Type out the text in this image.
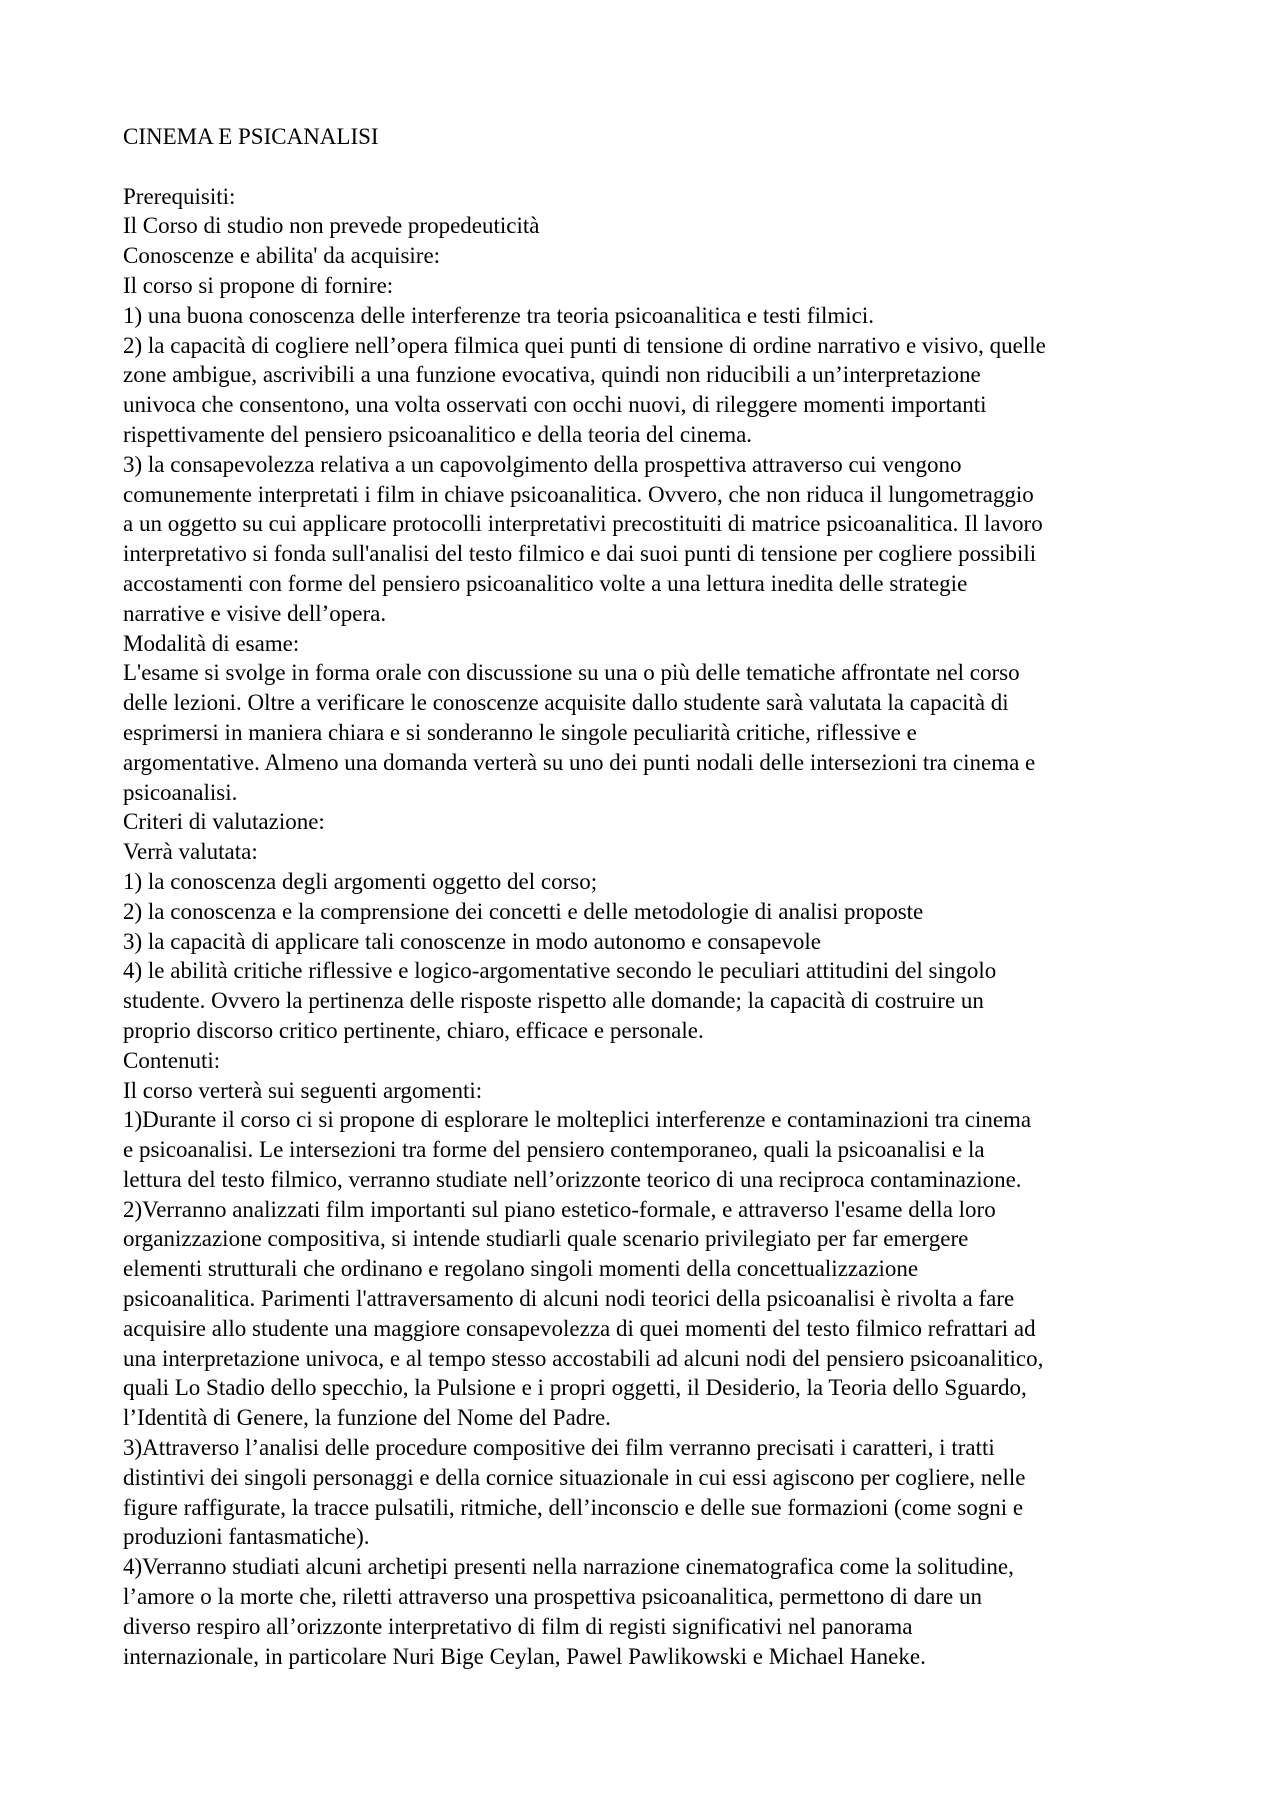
CINEMA E PSICANALISI
Prerequisiti:
Il Corso di studio non prevede propedeuticità
Conoscenze e abilita' da acquisire:
Il corso si propone di fornire:
1) una buona conoscenza delle interferenze tra teoria psicoanalitica e testi filmici.
2) la capacità di cogliere nell’opera filmica quei punti di tensione di ordine narrativo e visivo, quelle
zone ambigue, ascrivibili a una funzione evocativa, quindi non riducibili a un’interpretazione
univoca che consentono, una volta osservati con occhi nuovi, di rileggere momenti importanti
rispettivamente del pensiero psicoanalitico e della teoria del cinema.
3) la consapevolezza relativa a un capovolgimento della prospettiva attraverso cui vengono
comunemente interpretati i film in chiave psicoanalitica. Ovvero, che non riduca il lungometraggio
a un oggetto su cui applicare protocolli interpretativi precostituiti di matrice psicoanalitica. Il lavoro
interpretativo si fonda sull'analisi del testo filmico e dai suoi punti di tensione per cogliere possibili
accostamenti con forme del pensiero psicoanalitico volte a una lettura inedita delle strategie
narrative e visive dell’opera.
Modalità di esame:
L'esame si svolge in forma orale con discussione su una o più delle tematiche affrontate nel corso
delle lezioni. Oltre a verificare le conoscenze acquisite dallo studente sarà valutata la capacità di
esprimersi in maniera chiara e si sonderanno le singole peculiarità critiche, riflessive e
argomentative. Almeno una domanda verterà su uno dei punti nodali delle intersezioni tra cinema e
psicoanalisi.
Criteri di valutazione:
Verrà valutata:
1) la conoscenza degli argomenti oggetto del corso;
2) la conoscenza e la comprensione dei concetti e delle metodologie di analisi proposte
3) la capacità di applicare tali conoscenze in modo autonomo e consapevole
4) le abilità critiche riflessive e logico-argomentative secondo le peculiari attitudini del singolo
studente. Ovvero la pertinenza delle risposte rispetto alle domande; la capacità di costruire un
proprio discorso critico pertinente, chiaro, efficace e personale.
Contenuti:
Il corso verterà sui seguenti argomenti:
1)Durante il corso ci si propone di esplorare le molteplici interferenze e contaminazioni tra cinema
e psicoanalisi. Le intersezioni tra forme del pensiero contemporaneo, quali la psicoanalisi e la
lettura del testo filmico, verranno studiate nell’orizzonte teorico di una reciproca contaminazione.
2)Verranno analizzati film importanti sul piano estetico-formale, e attraverso l'esame della loro
organizzazione compositiva, si intende studiarli quale scenario privilegiato per far emergere
elementi strutturali che ordinano e regolano singoli momenti della concettualizzazione
psicoanalitica. Parimenti l'attraversamento di alcuni nodi teorici della psicoanalisi è rivolta a fare
acquisire allo studente una maggiore consapevolezza di quei momenti del testo filmico refrattari ad
una interpretazione univoca, e al tempo stesso accostabili ad alcuni nodi del pensiero psicoanalitico,
quali Lo Stadio dello specchio, la Pulsione e i propri oggetti, il Desiderio, la Teoria dello Sguardo,
l’Identità di Genere, la funzione del Nome del Padre.
3)Attraverso l’analisi delle procedure compositive dei film verranno precisati i caratteri, i tratti
distintivi dei singoli personaggi e della cornice situazionale in cui essi agiscono per cogliere, nelle
figure raffigurate, la tracce pulsatili, ritmiche, dell’inconscio e delle sue formazioni (come sogni e
produzioni fantasmatiche).
4)Verranno studiati alcuni archetipi presenti nella narrazione cinematografica come la solitudine,
l’amore o la morte che, riletti attraverso una prospettiva psicoanalitica, permettono di dare un
diverso respiro all’orizzonte interpretativo di film di registi significativi nel panorama
internazionale, in particolare Nuri Bige Ceylan, Pawel Pawlikowski e Michael Haneke.
